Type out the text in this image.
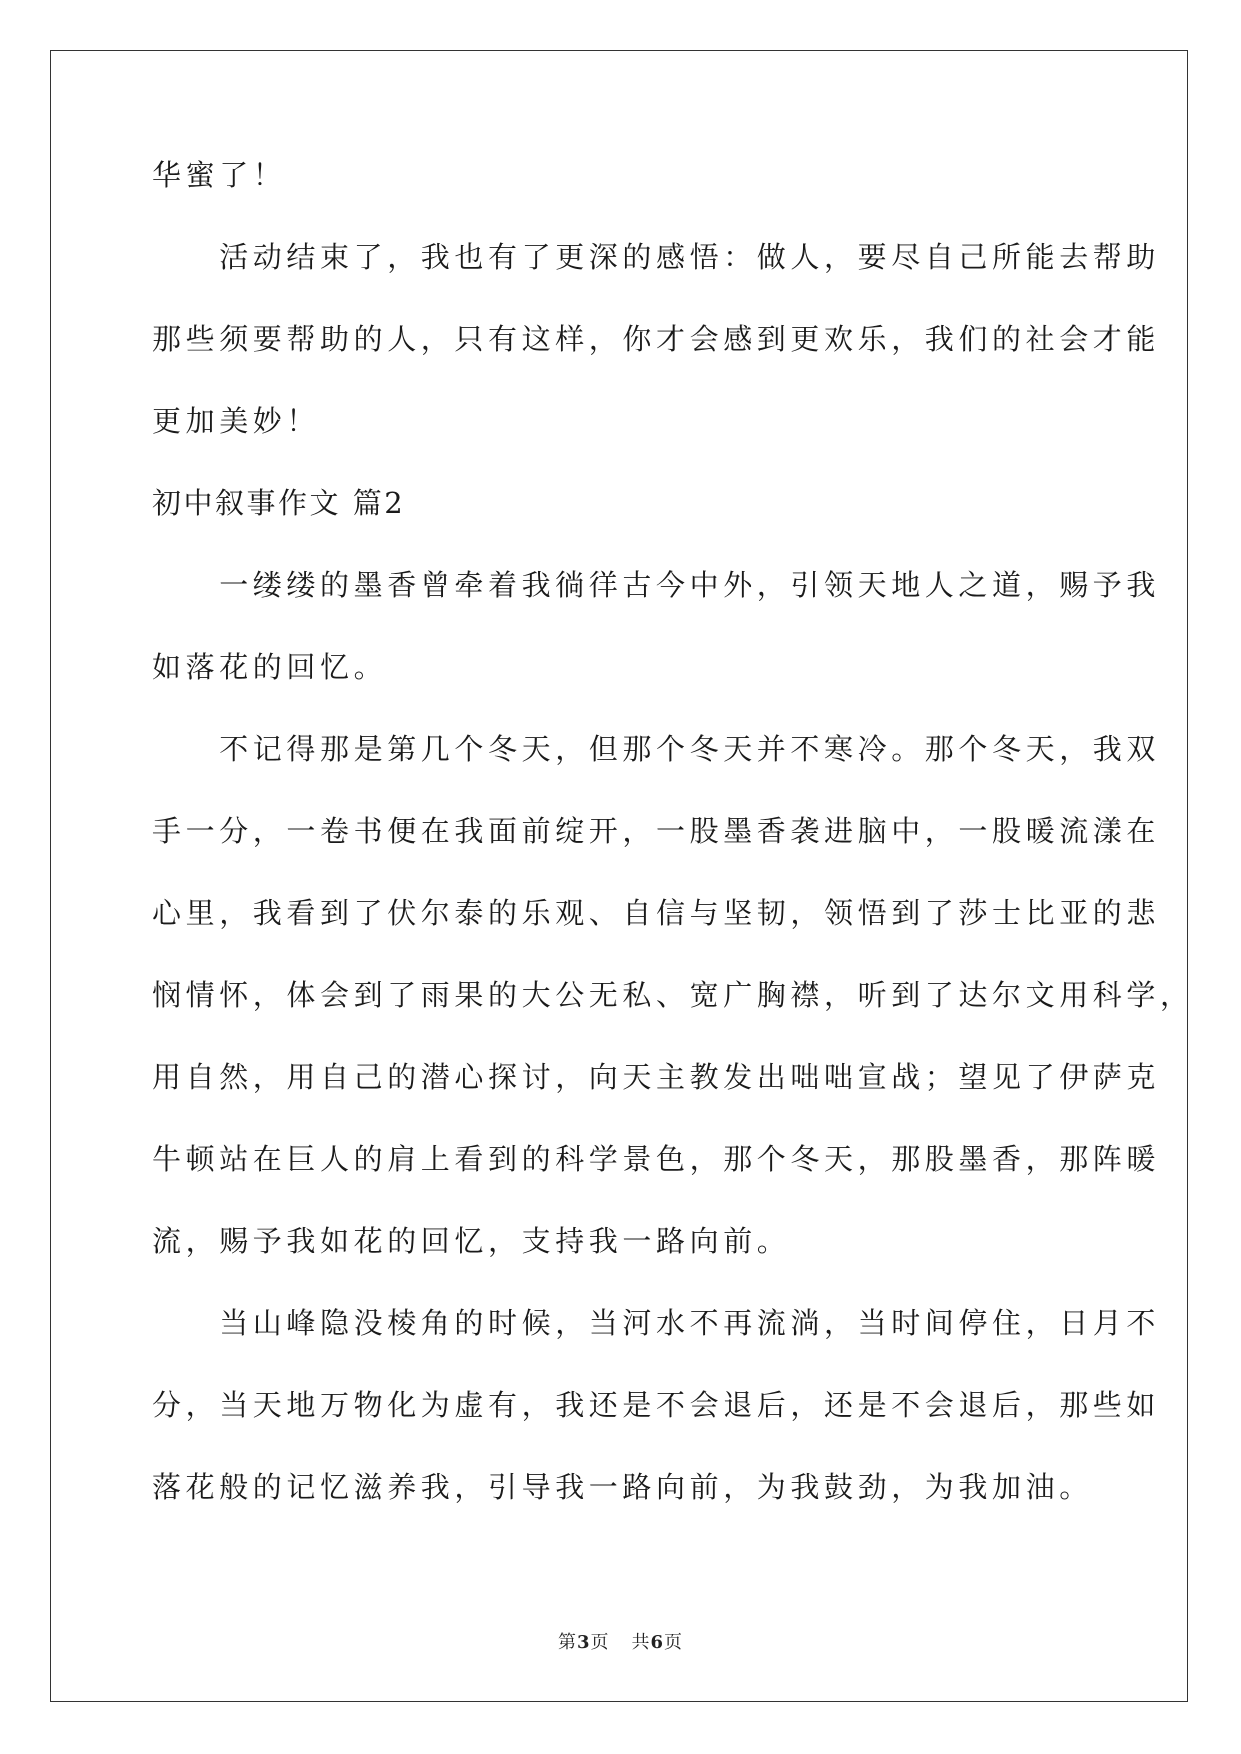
华蜜了！
　　活动结束了，我也有了更深的感悟：做人，要尽自己所能去帮助
那些须要帮助的人，只有这样，你才会感到更欢乐，我们的社会才能
更加美妙！
初中叙事作文 篇2
　　一缕缕的墨香曾牵着我徜徉古今中外，引领天地人之道，赐予我
如落花的回忆。
　　不记得那是第几个冬天，但那个冬天并不寒冷。那个冬天，我双
手一分，一卷书便在我面前绽开，一股墨香袭进脑中，一股暖流漾在
心里，我看到了伏尔泰的乐观、自信与坚韧，领悟到了莎士比亚的悲
悯情怀，体会到了雨果的大公无私、宽广胸襟，听到了达尔文用科学，
用自然，用自己的潜心探讨，向天主教发出咄咄宣战；望见了伊萨克
牛顿站在巨人的肩上看到的科学景色，那个冬天，那股墨香，那阵暖
流，赐予我如花的回忆，支持我一路向前。
　　当山峰隐没棱角的时候，当河水不再流淌，当时间停住，日月不
分，当天地万物化为虚有，我还是不会退后，还是不会退后，那些如
落花般的记忆滋养我，引导我一路向前，为我鼓劲，为我加油。
第3页 共6页
